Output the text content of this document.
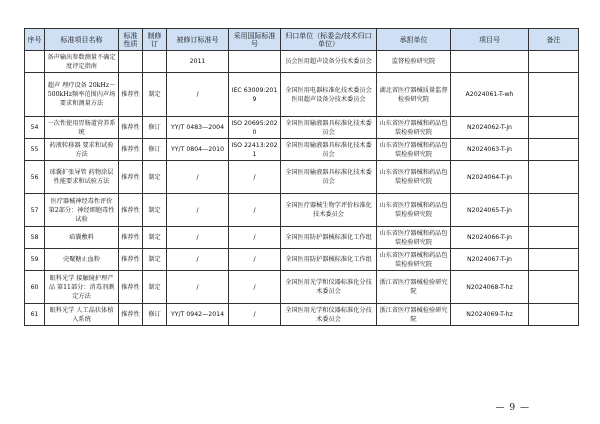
序号	标准项目名称	标准性质	制修订	被修订标准号	采用国际标准号	归口单位（标委会/技术归口单位）	承担单位	项目号	备注
	备声输出参数测量不确定度评定指南			2011		员会医用超声设备分技术委员会	监督检验研究院		
	超声 理疗设备 20kHz～500kHz频率范围内声场要求和测量方法	推荐性	制定	/	IEC 63009:2019	全国医用电器标准化技术委员会医用超声设备分技术委员会	湖北省医疗器械质量监督检验研究院	A2024061-T-wh	
54	一次性使用胃肠道营养系统	推荐性	修订	YY/T 0483—2004	ISO 20695:2020	全国医用输液器具标准化技术委员会	山东省医疗器械和药品包装检验研究院	N2024062-T-jn	
55	药液转移器 要求和试验方法	推荐性	修订	YY/T 0804—2010	ISO 22413:2021	全国医用输液器具标准化技术委员会	山东省医疗器械和药品包装检验研究院	N2024063-T-jn	
56	球囊扩张导管 药物涂层性能要求和试验方法	推荐性	制定	/	/	全国医用输液器具标准化技术委员会	山东省医疗器械和药品包装检验研究院	N2024064-T-jn	
57	医疗器械神经毒性评价 第2部分：神经细胞毒性试验	推荐性	制定	/	/	全国医疗器械生物学评价标准化技术委员会	山东省医疗器械和药品包装检验研究院	N2024065-T-jn	
58	疝囊敷料	推荐性	制定	/	/	全国医用防护器械标准化工作组	山东省医疗器械和药品包装检验研究院	N2024066-T-jn	
59	壳聚糖止血粉	推荐性	制定	/	/	全国医用防护器械标准化工作组	山东省医疗器械和药品包装检验研究院	N2024067-T-jn	
60	眼科光学 接触镜护理产品 第11部分：消毒剂测定方法	推荐性	制定	/	/	全国医用光学和仪器标准化分技术委员会	浙江省医疗器械检验研究院	N2024068-T-hz	
61	眼科光学 人工晶状体植入系统	推荐性	修订	YY/T 0942—2014	/	全国医用光学和仪器标准化分技术委员会	浙江省医疗器械检验研究院	N2024069-T-hz	
— 9 —
